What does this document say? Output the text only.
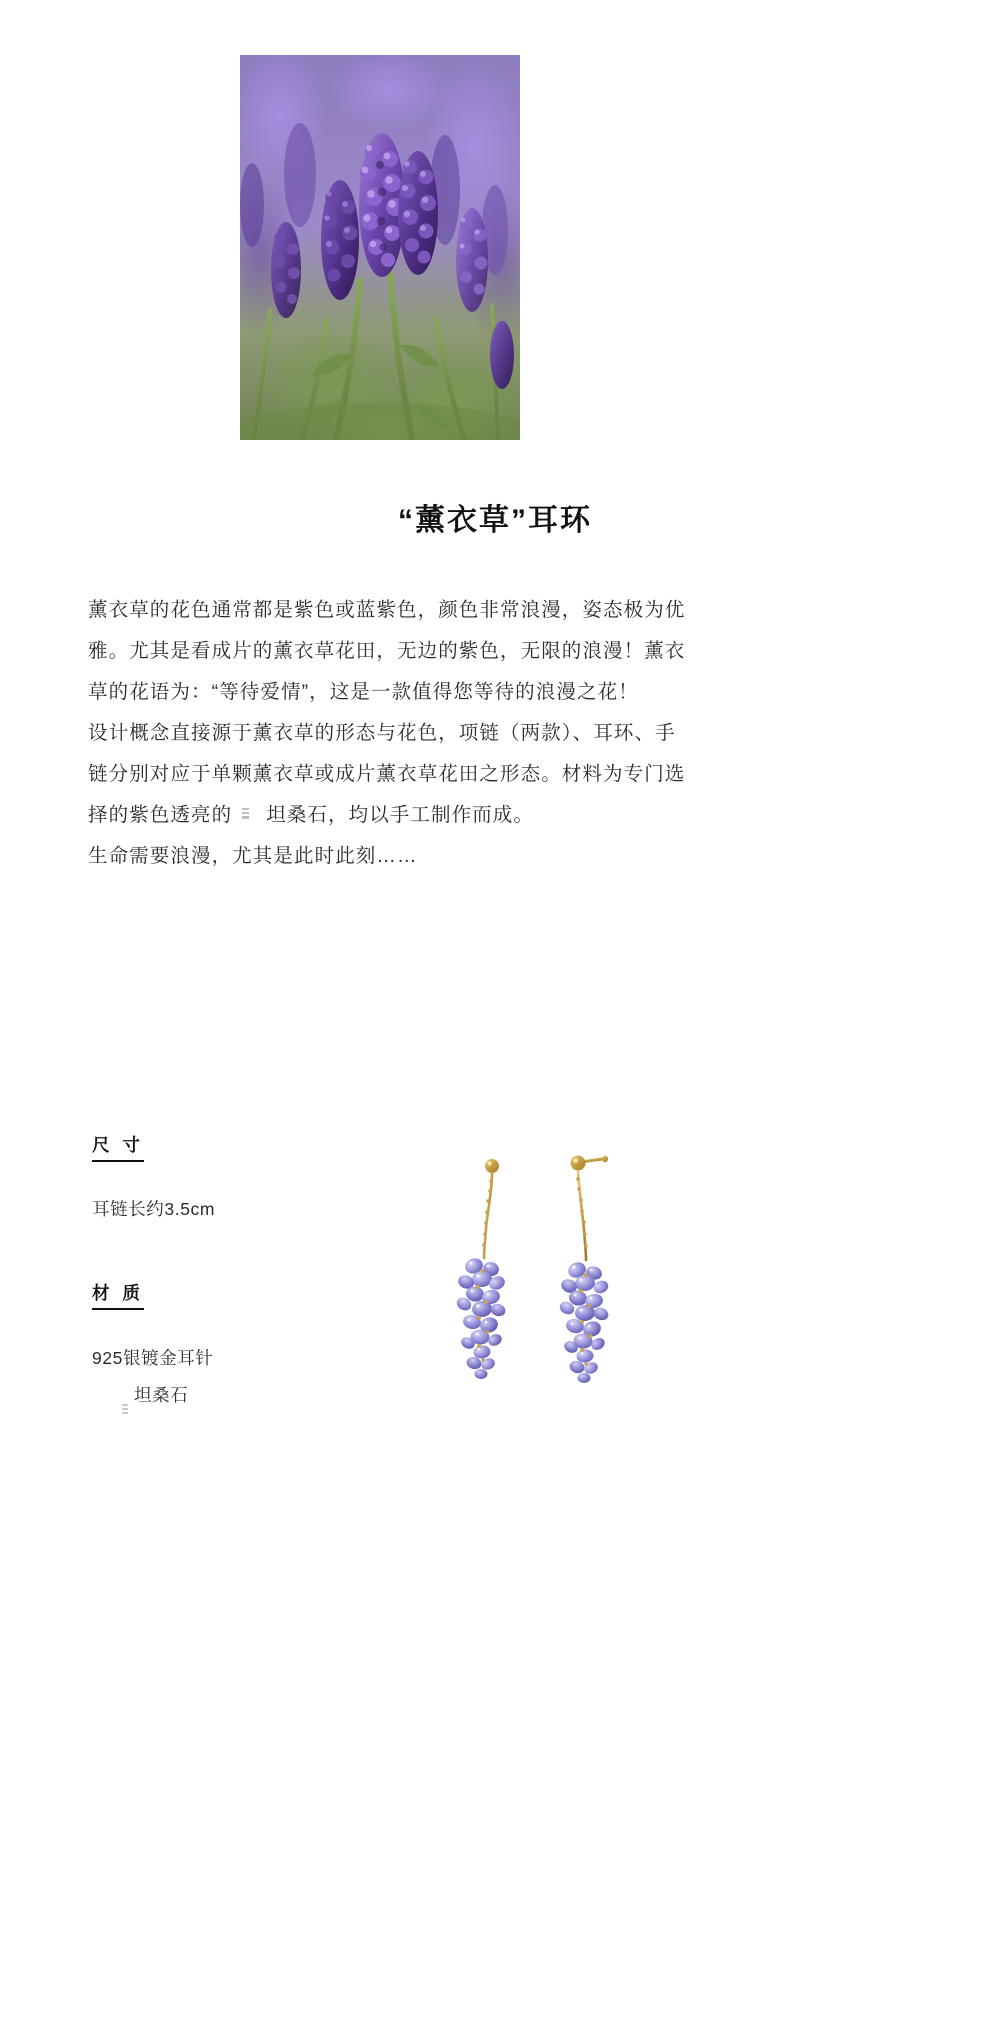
“薰衣草”耳环

薰衣草的花色通常都是紫色或蓝紫色，颜色非常浪漫，姿态极为优雅。尤其是看成片的薰衣草花田，无边的紫色，无限的浪漫！薰衣草的花语为：“等待爱情”，这是一款值得您等待的浪漫之花！

设计概念直接源于薰衣草的形态与花色，项链（两款）、耳环、手链分别对应于单颗薰衣草或成片薰衣草花田之形态。材料为专门选择的紫色透亮的 坦桑石，均以手工制作而成。

生命需要浪漫，尤其是此时此刻……

尺 寸
耳链长约3.5cm
材 质
925银镀金耳针
坦桑石
